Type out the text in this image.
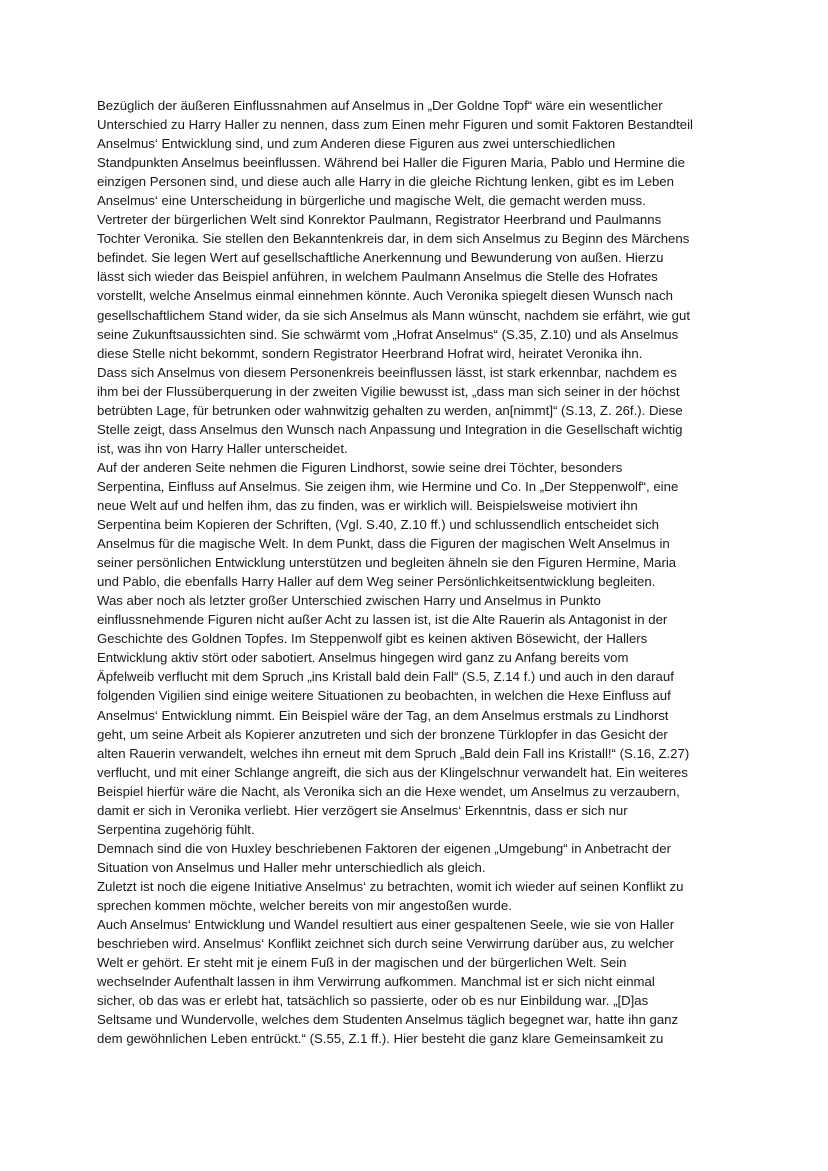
Bezüglich der äußeren Einflussnahmen auf Anselmus in „Der Goldne Topf“ wäre ein wesentlicher
Unterschied zu Harry Haller zu nennen, dass zum Einen mehr Figuren und somit Faktoren Bestandteil
Anselmus‘ Entwicklung sind, und zum Anderen diese Figuren aus zwei unterschiedlichen
Standpunkten Anselmus beeinflussen. Während bei Haller die Figuren Maria, Pablo und Hermine die
einzigen Personen sind, und diese auch alle Harry in die gleiche Richtung lenken, gibt es im Leben
Anselmus‘ eine Unterscheidung in bürgerliche und magische Welt, die gemacht werden muss.
Vertreter der bürgerlichen Welt sind Konrektor Paulmann, Registrator Heerbrand und Paulmanns
Tochter Veronika. Sie stellen den Bekanntenkreis dar, in dem sich Anselmus zu Beginn des Märchens
befindet. Sie legen Wert auf gesellschaftliche Anerkennung und Bewunderung von außen. Hierzu
lässt sich wieder das Beispiel anführen, in welchem Paulmann Anselmus die Stelle des Hofrates
vorstellt, welche Anselmus einmal einnehmen könnte. Auch Veronika spiegelt diesen Wunsch nach
gesellschaftlichem Stand wider, da sie sich Anselmus als Mann wünscht, nachdem sie erfährt, wie gut
seine Zukunftsaussichten sind. Sie schwärmt vom „Hofrat Anselmus“ (S.35, Z.10) und als Anselmus
diese Stelle nicht bekommt, sondern Registrator Heerbrand Hofrat wird, heiratet Veronika ihn.
Dass sich Anselmus von diesem Personenkreis beeinflussen lässt, ist stark erkennbar, nachdem es
ihm bei der Flussüberquerung in der zweiten Vigilie bewusst ist, „dass man sich seiner in der höchst
betrübten Lage, für betrunken oder wahnwitzig gehalten zu werden, an[nimmt]“ (S.13, Z. 26f.). Diese
Stelle zeigt, dass Anselmus den Wunsch nach Anpassung und Integration in die Gesellschaft wichtig
ist, was ihn von Harry Haller unterscheidet.
Auf der anderen Seite nehmen die Figuren Lindhorst, sowie seine drei Töchter, besonders
Serpentina, Einfluss auf Anselmus. Sie zeigen ihm, wie Hermine und Co. In „Der Steppenwolf“, eine
neue Welt auf und helfen ihm, das zu finden, was er wirklich will. Beispielsweise motiviert ihn
Serpentina beim Kopieren der Schriften, (Vgl. S.40, Z.10 ff.) und schlussendlich entscheidet sich
Anselmus für die magische Welt. In dem Punkt, dass die Figuren der magischen Welt Anselmus in
seiner persönlichen Entwicklung unterstützen und begleiten ähneln sie den Figuren Hermine, Maria
und Pablo, die ebenfalls Harry Haller auf dem Weg seiner Persönlichkeitsentwicklung begleiten.
Was aber noch als letzter großer Unterschied zwischen Harry und Anselmus in Punkto
einflussnehmende Figuren nicht außer Acht zu lassen ist, ist die Alte Rauerin als Antagonist in der
Geschichte des Goldnen Topfes. Im Steppenwolf gibt es keinen aktiven Bösewicht, der Hallers
Entwicklung aktiv stört oder sabotiert. Anselmus hingegen wird ganz zu Anfang bereits vom
Äpfelweib verflucht mit dem Spruch „ins Kristall bald dein Fall“ (S.5, Z.14 f.) und auch in den darauf
folgenden Vigilien sind einige weitere Situationen zu beobachten, in welchen die Hexe Einfluss auf
Anselmus‘ Entwicklung nimmt. Ein Beispiel wäre der Tag, an dem Anselmus erstmals zu Lindhorst
geht, um seine Arbeit als Kopierer anzutreten und sich der bronzene Türklopfer in das Gesicht der
alten Rauerin verwandelt, welches ihn erneut mit dem Spruch „Bald dein Fall ins Kristall!“ (S.16, Z.27)
verflucht, und mit einer Schlange angreift, die sich aus der Klingelschnur verwandelt hat. Ein weiteres
Beispiel hierfür wäre die Nacht, als Veronika sich an die Hexe wendet, um Anselmus zu verzaubern,
damit er sich in Veronika verliebt. Hier verzögert sie Anselmus‘ Erkenntnis, dass er sich nur
Serpentina zugehörig fühlt.
Demnach sind die von Huxley beschriebenen Faktoren der eigenen „Umgebung“ in Anbetracht der
Situation von Anselmus und Haller mehr unterschiedlich als gleich.
Zuletzt ist noch die eigene Initiative Anselmus‘ zu betrachten, womit ich wieder auf seinen Konflikt zu
sprechen kommen möchte, welcher bereits von mir angestoßen wurde.
Auch Anselmus‘ Entwicklung und Wandel resultiert aus einer gespaltenen Seele, wie sie von Haller
beschrieben wird. Anselmus‘ Konflikt zeichnet sich durch seine Verwirrung darüber aus, zu welcher
Welt er gehört. Er steht mit je einem Fuß in der magischen und der bürgerlichen Welt. Sein
wechselnder Aufenthalt lassen in ihm Verwirrung aufkommen. Manchmal ist er sich nicht einmal
sicher, ob das was er erlebt hat, tatsächlich so passierte, oder ob es nur Einbildung war. „[D]as
Seltsame und Wundervolle, welches dem Studenten Anselmus täglich begegnet war, hatte ihn ganz
dem gewöhnlichen Leben entrückt.“ (S.55, Z.1 ff.). Hier besteht die ganz klare Gemeinsamkeit zu
